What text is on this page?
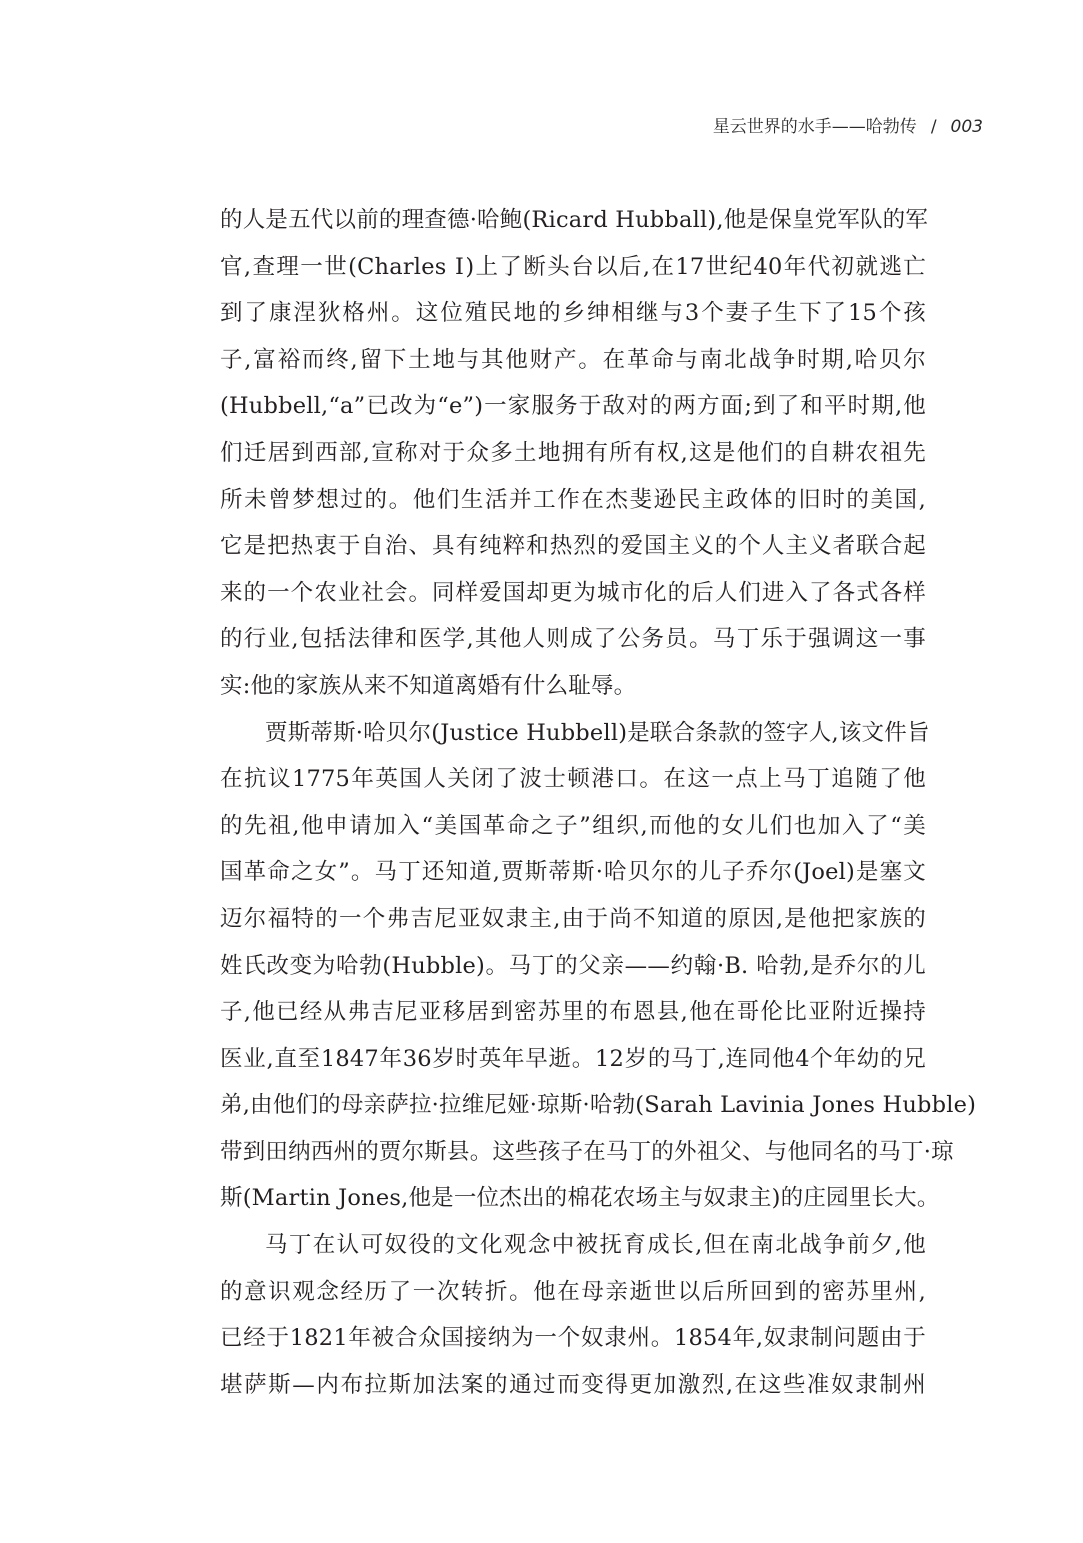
星云世界的水手——哈勃传 / 003
的人是五代以前的理查德·哈鲍(Ricard Hubball),他是保皇党军队的军
官,查理一世(Charles Ⅰ)上了断头台以后,在17世纪40年代初就逃亡
到了康涅狄格州。这位殖民地的乡绅相继与3个妻子生下了15个孩
子,富裕而终,留下土地与其他财产。在革命与南北战争时期,哈贝尔
(Hubbell,“a”已改为“e”)一家服务于敌对的两方面;到了和平时期,他
们迁居到西部,宣称对于众多土地拥有所有权,这是他们的自耕农祖先
所未曾梦想过的。他们生活并工作在杰斐逊民主政体的旧时的美国,
它是把热衷于自治、具有纯粹和热烈的爱国主义的个人主义者联合起
来的一个农业社会。同样爱国却更为城市化的后人们进入了各式各样
的行业,包括法律和医学,其他人则成了公务员。马丁乐于强调这一事
实:他的家族从来不知道离婚有什么耻辱。
贾斯蒂斯·哈贝尔(Justice Hubbell)是联合条款的签字人,该文件旨
在抗议1775年英国人关闭了波士顿港口。在这一点上马丁追随了他
的先祖,他申请加入“美国革命之子”组织,而他的女儿们也加入了“美
国革命之女”。马丁还知道,贾斯蒂斯·哈贝尔的儿子乔尔(Joel)是塞文
迈尔福特的一个弗吉尼亚奴隶主,由于尚不知道的原因,是他把家族的
姓氏改变为哈勃(Hubble)。马丁的父亲——约翰·B. 哈勃,是乔尔的儿
子,他已经从弗吉尼亚移居到密苏里的布恩县,他在哥伦比亚附近操持
医业,直至1847年36岁时英年早逝。12岁的马丁,连同他4个年幼的兄
弟,由他们的母亲萨拉·拉维尼娅·琼斯·哈勃(Sarah Lavinia Jones Hubble)
带到田纳西州的贾尔斯县。这些孩子在马丁的外祖父、与他同名的马丁·琼
斯(Martin Jones,他是一位杰出的棉花农场主与奴隶主)的庄园里长大。
马丁在认可奴役的文化观念中被抚育成长,但在南北战争前夕,他
的意识观念经历了一次转折。他在母亲逝世以后所回到的密苏里州,
已经于1821年被合众国接纳为一个奴隶州。1854年,奴隶制问题由于
堪萨斯—内布拉斯加法案的通过而变得更加激烈,在这些准奴隶制州
